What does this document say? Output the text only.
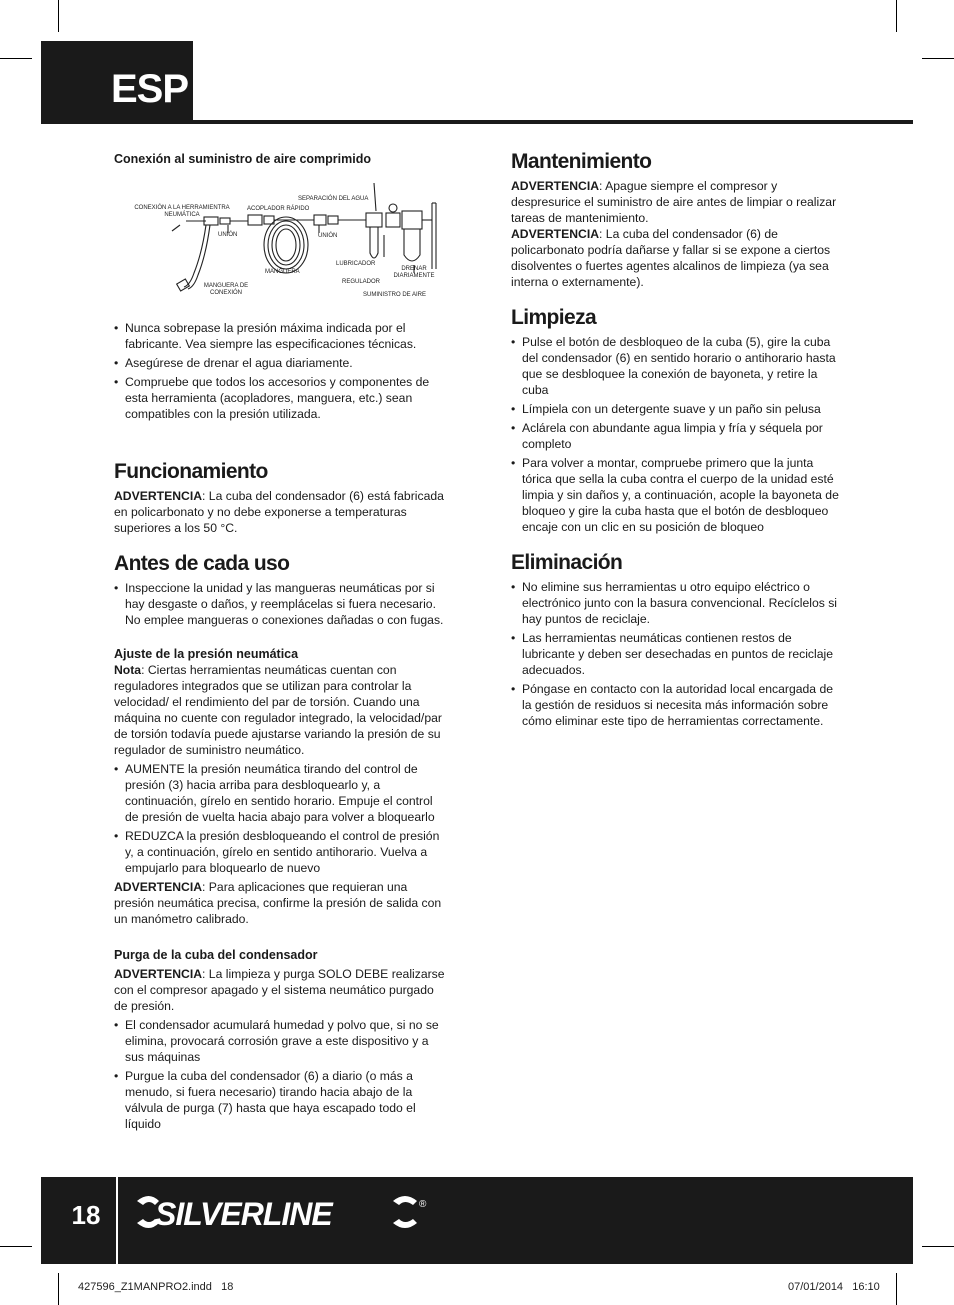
ESP

Conexión al suministro de aire comprimido

CONEXIÓN A LA HERRAMIENTRA NEUMÁTICA
ACOPLADOR RÁPIDO
SEPARACIÓN DEL AGUA
UNIÓN	UNIÓN
MANGUERA
LUBRICADOR
DRENAR DIARIAMENTE
REGULADOR
MANGUERA DE CONEXIÓN	SUMINISTRO DE AIRE
• Nunca sobrepase la presión máxima indicada por el fabricante. Vea siempre las especificaciones técnicas.
• Asegúrese de drenar el agua diariamente.
• Compruebe que todos los accesorios y componentes de esta herramienta (acopladores, manguera, etc.) sean compatibles con la presión utilizada.
Funcionamiento

ADVERTENCIA: La cuba del condensador (6) está fabricada en policarbonato y no debe exponerse a temperaturas superiores a los 50 °C.

Antes de cada uso
• Inspeccione la unidad y las mangueras neumáticas por si hay desgaste o daños, y reemplácelas si fuera necesario. No emplee mangueras o conexiones dañadas o con fugas.

Ajuste de la presión neumática

Nota: Ciertas herramientas neumáticas cuentan con reguladores integrados que se utilizan para controlar la velocidad/ el rendimiento del par de torsión. Cuando una máquina no cuente con regulador integrado, la velocidad/par de torsión todavía puede ajustarse variando la presión de su regulador de suministro neumático.

• AUMENTE la presión neumática tirando del control de presión (3) hacia arriba para desbloquearlo y, a continuación, gírelo en sentido horario. Empuje el control de presión de vuelta hacia abajo para volver a bloquearlo
• REDUZCA la presión desbloqueando el control de presión y, a continuación, gírelo en sentido antihorario. Vuelva a empujarlo para bloquearlo de nuevo

ADVERTENCIA: Para aplicaciones que requieran una presión neumática precisa, confirme la presión de salida con un manómetro calibrado.

Purga de la cuba del condensador

ADVERTENCIA: La limpieza y purga SOLO DEBE realizarse con el compresor apagado y el sistema neumático purgado de presión.

• El condensador acumulará humedad y polvo que, si no se elimina, provocará corrosión grave a este dispositivo y a sus máquinas
• Purgue la cuba del condensador (6) a diario (o más a menudo, si fuera necesario) tirando hacia abajo de la válvula de purga (7) hasta que haya escapado todo el líquido
Mantenimiento

ADVERTENCIA: Apague siempre el compresor y despresurice el suministro de aire antes de limpiar o realizar tareas de mantenimiento.

ADVERTENCIA: La cuba del condensador (6) de policarbonato podría dañarse y fallar si se expone a ciertos disolventes o fuertes agentes alcalinos de limpieza (ya sea interna o externamente).

Limpieza
• Pulse el botón de desbloqueo de la cuba (5), gire la cuba del condensador (6) en sentido horario o antihorario hasta que se desbloquee la conexión de bayoneta, y retire la cuba
• Límpiela con un detergente suave y un paño sin pelusa
• Aclárela con abundante agua limpia y fría y séquela por completo
• Para volver a montar, compruebe primero que la junta tórica que sella la cuba contra el cuerpo de la unidad esté limpia y sin daños y, a continuación, acople la bayoneta de bloqueo y gire la cuba hasta que el botón de desbloqueo encaje con un clic en su posición de bloqueo
Eliminación
• No elimine sus herramientas u otro equipo eléctrico o electrónico junto con la basura convencional. Recíclelos si hay puntos de reciclaje.
• Las herramientas neumáticas contienen restos de lubricante y deben ser desechadas en puntos de reciclaje adecuados.
• Póngase en contacto con la autoridad local encargada de la gestión de residuos si necesita más información sobre cómo eliminar este tipo de herramientas correctamente.
18	SILVERLINE	®
427596_Z1MANPRO2.indd   18	07/01/2014   16:10
